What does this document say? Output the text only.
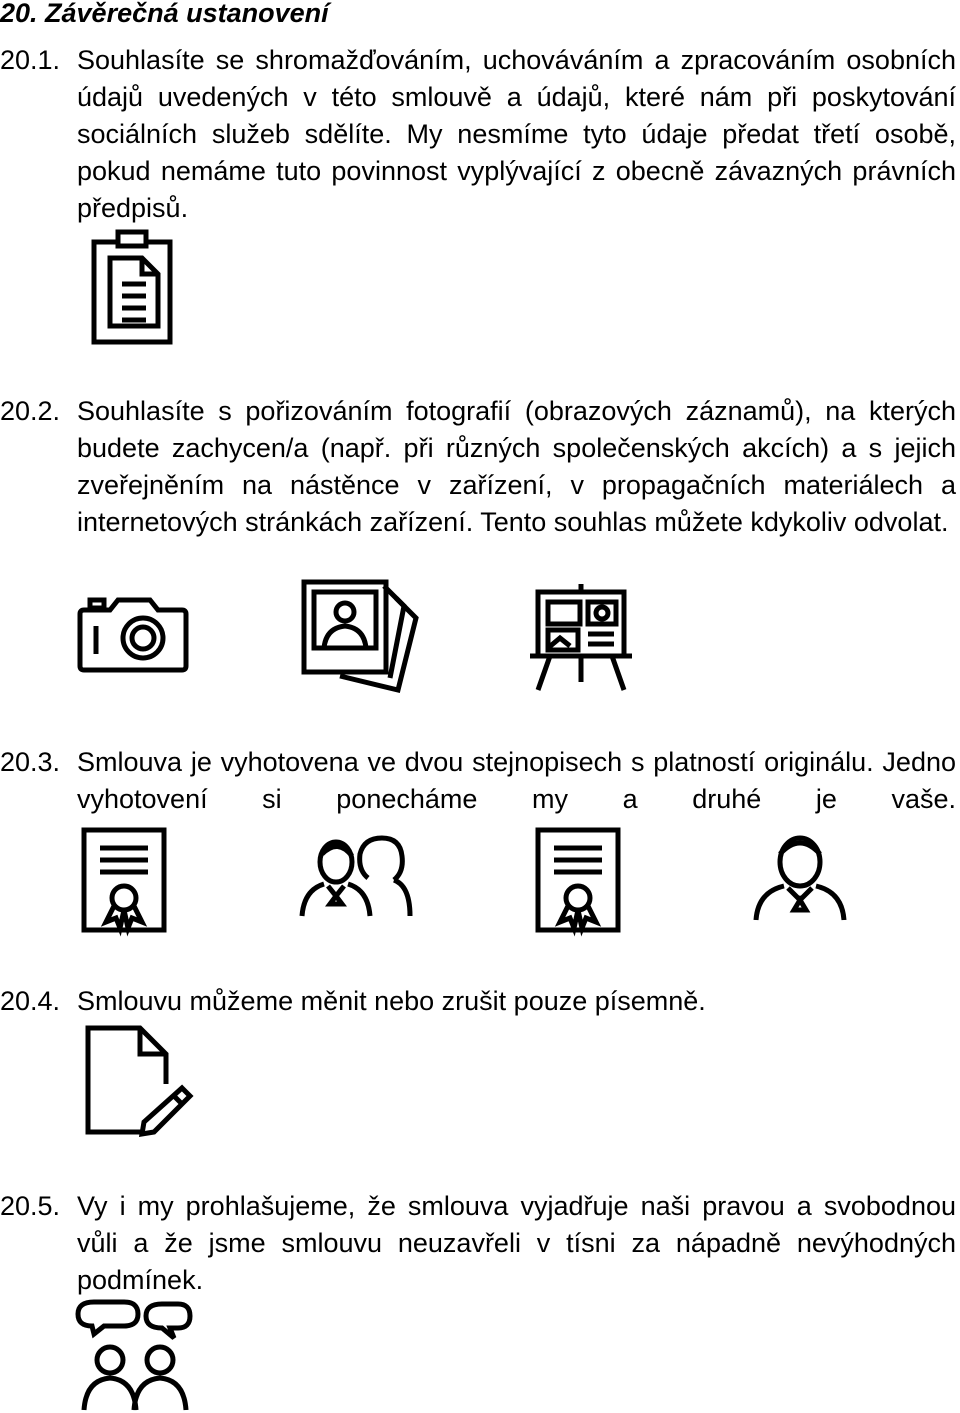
20. Závěrečná ustanovení
20.1. Souhlasíte se shromažďováním, uchováváním a zpracováním osobních údajů uvedených v této smlouvě a údajů, které nám při poskytování sociálních služeb sdělíte. My nesmíme tyto údaje předat třetí osobě, pokud nemáme tuto povinnost vyplývající z obecně závazných právních předpisů.

20.2. Souhlasíte s pořizováním fotografií (obrazových záznamů), na kterých budete zachycen/a (např. při různých společenských akcích) a s jejich zveřejněním na nástěnce v zařízení, v propagačních materiálech a internetových stránkách zařízení. Tento souhlas můžete kdykoliv odvolat.

20.3. Smlouva je vyhotovena ve dvou stejnopisech s platností originálu. Jedno vyhotovení si ponecháme my a druhé je vaše.

20.4. Smlouvu můžeme měnit nebo zrušit pouze písemně.

20.5. Vy i my prohlašujeme, že smlouva vyjadřuje naši pravou a svobodnou vůli a že jsme smlouvu neuzavřeli v tísni za nápadně nevýhodných podmínek.
